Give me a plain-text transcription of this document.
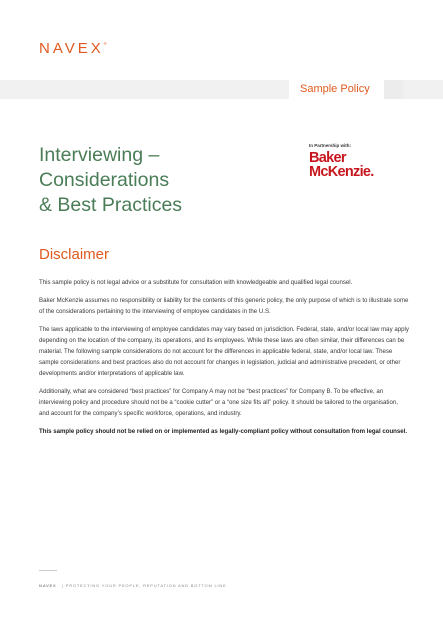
NAVEX®
Sample Policy
Interviewing –
Considerations
& Best Practices
In Partnership with:
Baker
McKenzie.
Disclaimer

This sample policy is not legal advice or a substitute for consultation with knowledgeable and qualified legal counsel.

Baker McKenzie assumes no responsibility or liability for the contents of this generic policy, the only purpose of which is to illustrate some of the considerations pertaining to the interviewing of employee candidates in the U.S.

The laws applicable to the interviewing of employee candidates may vary based on jurisdiction. Federal, state, and/or local law may apply depending on the location of the company, its operations, and its employees. While these laws are often similar, their differences can be material. The following sample considerations do not account for the differences in applicable federal, state, and/or local law. These sample considerations and best practices also do not account for changes in legislation, judicial and administrative precedent, or other developments and/or interpretations of applicable law.

Additionally, what are considered “best practices” for Company A may not be “best practices” for Company B. To be effective, an interviewing policy and procedure should not be a “cookie cutter” or a “one size fits all” policy. It should be tailored to the organisation, and account for the company’s specific workforce, operations, and industry.

This sample policy should not be relied on or implemented as legally-compliant policy without consultation from legal counsel.

NAVEX | PROTECTING YOUR PEOPLE, REPUTATION AND BOTTOM LINE
